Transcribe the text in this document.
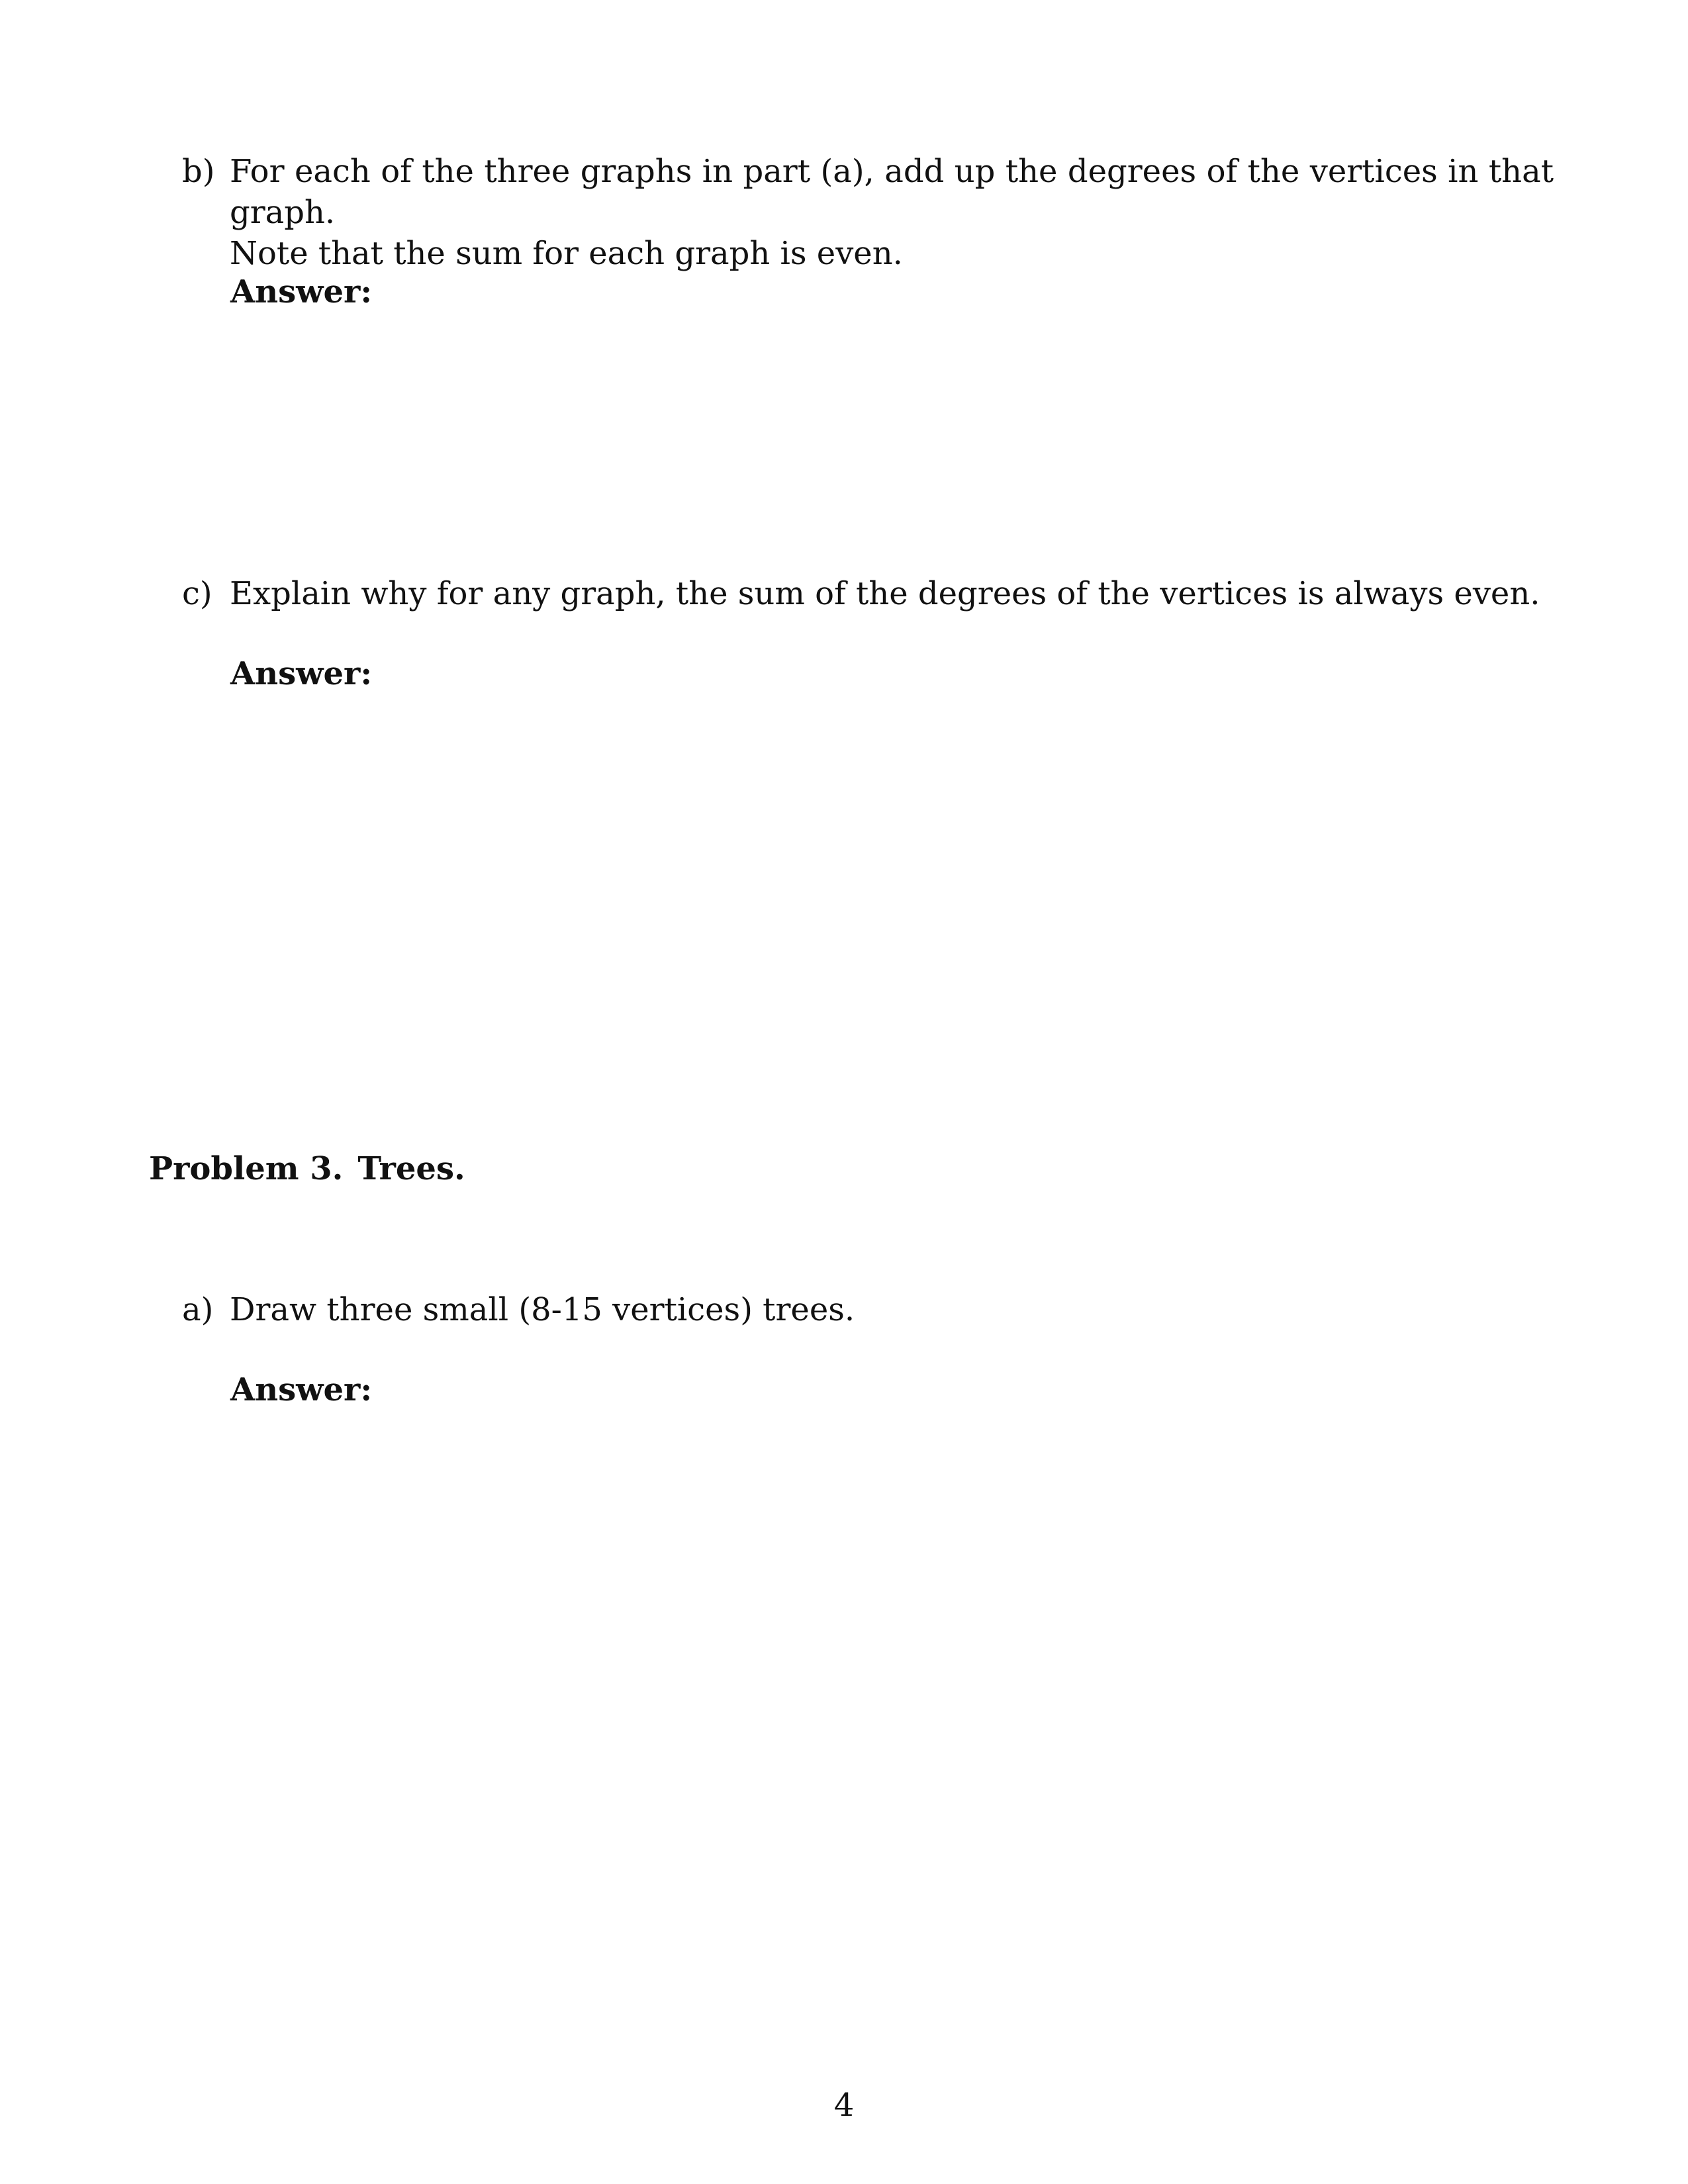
b) For each of the three graphs in part (a), add up the degrees of the vertices in that graph.
Note that the sum for each graph is even.
Answer:
c) Explain why for any graph, the sum of the degrees of the vertices is always even.
Answer:
Problem 3. Trees.
a) Draw three small (8-15 vertices) trees.
Answer:
4
